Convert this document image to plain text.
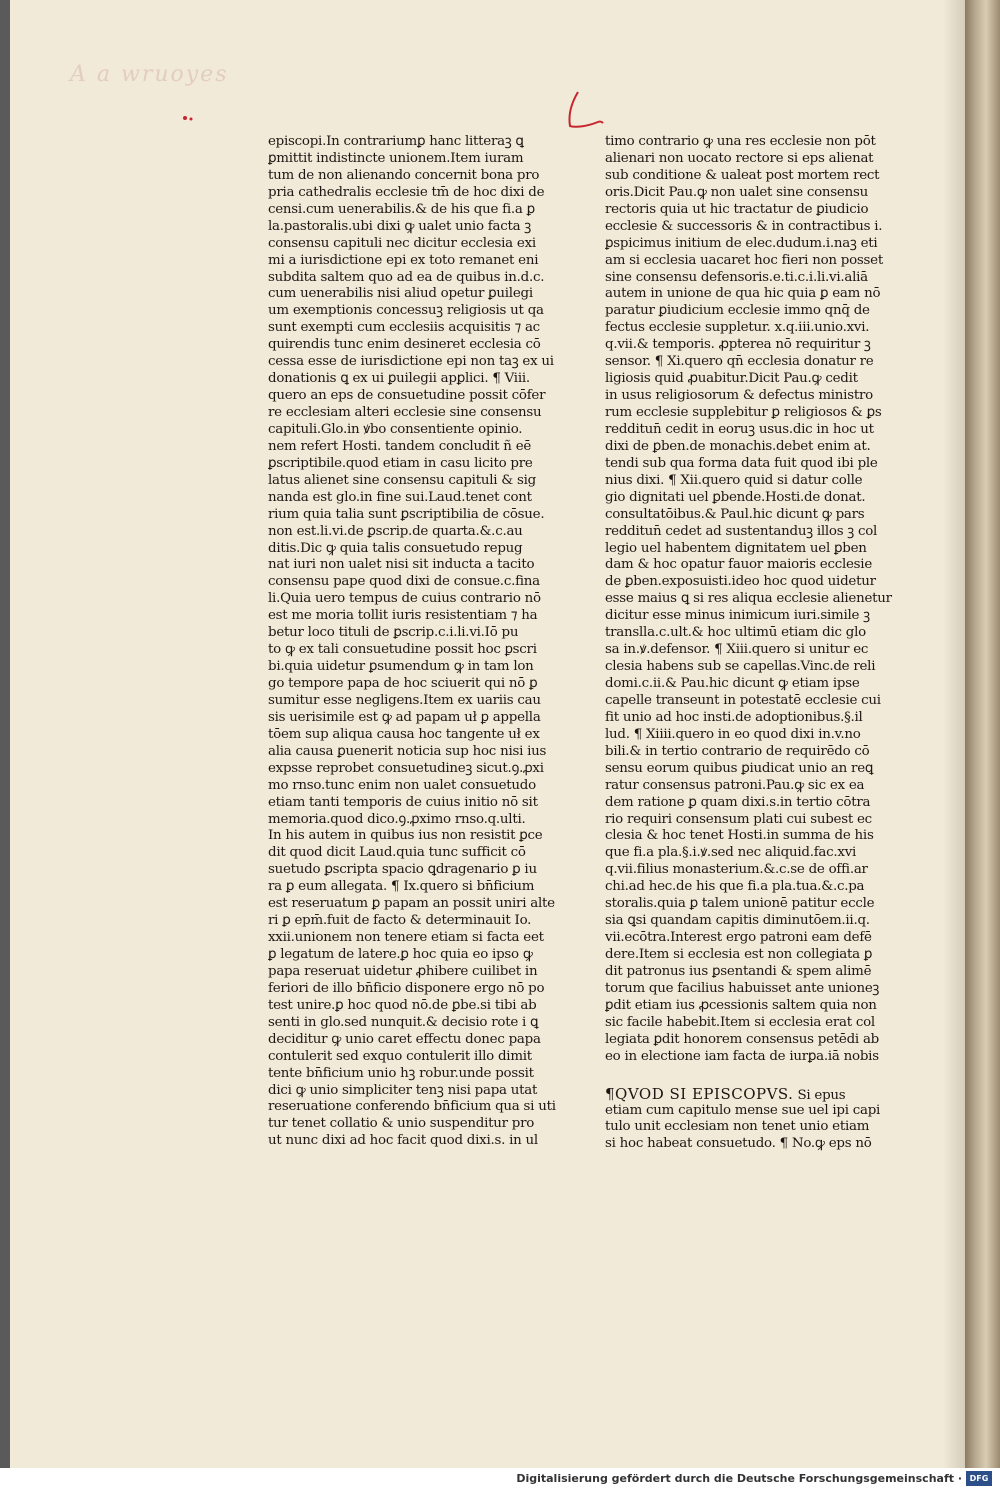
A a wruoyes
episcopi.In contrariumꝑ hanc litteraꝫ ꝗ
ꝑmittit indistincte unionem.Item iuram
tum de non alienando concernit bona pro
pria cathedralis ecclesie tm̄ de hoc dixi de
censi.cum uenerabilis.& de his que fi.a ꝑ
la.pastoralis.ubi dixi ꝙ ualet unio facta ꝫ
consensu capituli nec dicitur ecclesia exi
mi a iurisdictione epi ex toto remanet eni
subdita saltem quo ad ea de quibus in.d.c.
cum uenerabilis nisi aliud opetur ꝑuilegi
um exemptionis concessuꝫ religiosis ut qa
sunt exempti cum ecclesiis acquisitis ⁊ ac
quirendis tunc enim desineret ecclesia cō
cessa esse de iurisdictione epi non taꝫ ex ui
donationis ꝗ ex ui ꝑuilegii apꝑlici. ¶ Viii.
quero an eps de consuetudine possit cōfer
re ecclesiam alteri ecclesie sine consensu
capituli.Glo.in ꝟbo consentiente opinio.
nem refert Hosti. tandem concludit ñ eē
ꝑscriptibile.quod etiam in casu licito pre
latus alienet sine consensu capituli & sig
nanda est glo.in fine sui.Laud.tenet cont
rium quia talia sunt ꝑscriptibilia de cōsue.
non est.li.vi.de ꝑscrip.de quarta.&.c.au
ditis.Dic ꝙ quia talis consuetudo repug
nat iuri non ualet nisi sit inducta a tacito
consensu pape quod dixi de consue.c.fina
li.Quia uero tempus de cuius contrario nō
est me moria tollit iuris resistentiam ⁊ ha
betur loco tituli de ꝑscrip.c.i.li.vi.Iō pu
to ꝙ ex tali consuetudine possit hoc ꝑscri
bi.quia uidetur ꝑsumendum ꝙ in tam lon
go tempore papa de hoc sciuerit qui nō ꝑ
sumitur esse negligens.Item ex uariis cau
sis uerisimile est ꝙ ad papam uł ꝑ appella
tōem sup aliqua causa hoc tangente uł ex
alia causa ꝑuenerit noticia sup hoc nisi ius
expsse reprobet consuetudineꝫ sicut.ꝯ.ꝓxi
mo rnso.tunc enim non ualet consuetudo
etiam tanti temporis de cuius initio nō sit
memoria.quod dico.ꝯ.ꝓximo rnso.q.ulti.
In his autem in quibus ius non resistit ꝑce
dit quod dicit Laud.quia tunc sufficit cō
suetudo ꝑscripta spacio ꝗdragenario ꝑ iu
ra ꝑ eum allegata. ¶ Ix.quero si bn̄ficium
est reseruatum ꝑ papam an possit uniri alte
ri ꝑ epm̄.fuit de facto & determinauit Io.
xxii.unionem non tenere etiam si facta eet
ꝑ legatum de latere.ꝑ hoc quia eo ipso ꝙ
papa reseruat uidetur ꝓhibere cuilibet in
feriori de illo bn̄ficio disponere ergo nō po
test unire.ꝑ hoc quod nō.de ꝑbe.si tibi ab
senti in glo.sed nunquit.& decisio rote i ꝗ
deciditur ꝙ unio caret effectu donec papa
contulerit sed exquo contulerit illo dimit
tente bn̄ficium unio hꝫ robur.unde possit
dici ꝙ unio simpliciter tenꝫ nisi papa utat
reseruatione conferendo bn̄ficium qua si uti
tur tenet collatio & unio suspenditur pro
ut nunc dixi ad hoc facit quod dixi.s. in ul
timo contrario ꝙ una res ecclesie non pōt
alienari non uocato rectore si eps alienat
sub conditione & ualeat post mortem rect
oris.Dicit Pau.ꝙ non ualet sine consensu
rectoris quia ut hic tractatur de ꝑiudicio
ecclesie & successoris & in contractibus i.
ꝑspicimus initium de elec.dudum.i.naꝫ eti
am si ecclesia uacaret hoc fieri non posset
sine consensu defensoris.e.ti.c.i.li.vi.aliā
autem in unione de qua hic quia ꝑ eam nō
paratur ꝑiudicium ecclesie immo qnq̄ de
fectus ecclesie suppletur. x.q.iii.unio.xvi.
q.vii.& temporis. ꝓpterea nō requiritur ꝫ
sensor. ¶ Xi.quero qn̄ ecclesia donatur re
ligiosis quid ꝓuabitur.Dicit Pau.ꝙ cedit
in usus religiosorum & defectus ministro
rum ecclesie supplebitur ꝑ religiosos & ꝑs
redditun̄ cedit in eoruꝫ usus.dic in hoc ut
dixi de ꝑben.de monachis.debet enim at.
tendi sub qua forma data fuit quod ibi ple
nius dixi. ¶ Xii.quero quid si datur colle
gio dignitati uel ꝑbende.Hosti.de donat.
consultatōibus.& Paul.hic dicunt ꝙ pars
redditun̄ cedet ad sustentanduꝫ illos ꝫ col
legio uel habentem dignitatem uel ꝑben
dam & hoc opatur fauor maioris ecclesie
de ꝑben.exposuisti.ideo hoc quod uidetur
esse maius ꝗ si res aliqua ecclesie alienetur
dicitur esse minus inimicum iuri.simile ꝫ
translla.c.ult.& hoc ultimū etiam dic glo
sa in.ꝟ.defensor. ¶ Xiii.quero si unitur ec
clesia habens sub se capellas.Vinc.de reli
domi.c.ii.& Pau.hic dicunt ꝙ etiam ipse
capelle transeunt in potestatē ecclesie cui
fit unio ad hoc insti.de adoptionibus.§.il
lud. ¶ Xiiii.quero in eo quod dixi in.v.no
bili.& in tertio contrario de requirēdo cō
sensu eorum quibus ꝑiudicat unio an reꝗ
ratur consensus patroni.Pau.ꝙ sic ex ea
dem ratione ꝑ quam dixi.s.in tertio cōtra
rio requiri consensum plati cui subest ec
clesia & hoc tenet Hosti.in summa de his
que fi.a pla.§.i.ꝟ.sed nec aliquid.fac.xvi
q.vii.filius monasterium.&.c.se de offi.ar
chi.ad hec.de his que fi.a pla.tua.&.c.pa
storalis.quia ꝑ talem unionē patitur eccle
sia ꝗsi quandam capitis diminutōem.ii.q.
vii.ecōtra.Interest ergo patroni eam defē
dere.Item si ecclesia est non collegiata ꝑ
dit patronus ius ꝑsentandi & spem alimē
torum que facilius habuisset ante unioneꝫ
ꝑdit etiam ius ꝓcessionis saltem quia non
sic facile habebit.Item si ecclesia erat col
legiata ꝑdit honorem consensus petēdi ab
eo in electione iam facta de iurꝑa.iā nobis
¶QVOD SI EPISCOPVS. Si epus
etiam cum capitulo mense sue uel ipi capi
tulo unit ecclesiam non tenet unio etiam
si hoc habeat consuetudo. ¶ No.ꝙ eps nō
Digitalisierung gefördert durch die Deutsche Forschungsgemeinschaft · DFG
